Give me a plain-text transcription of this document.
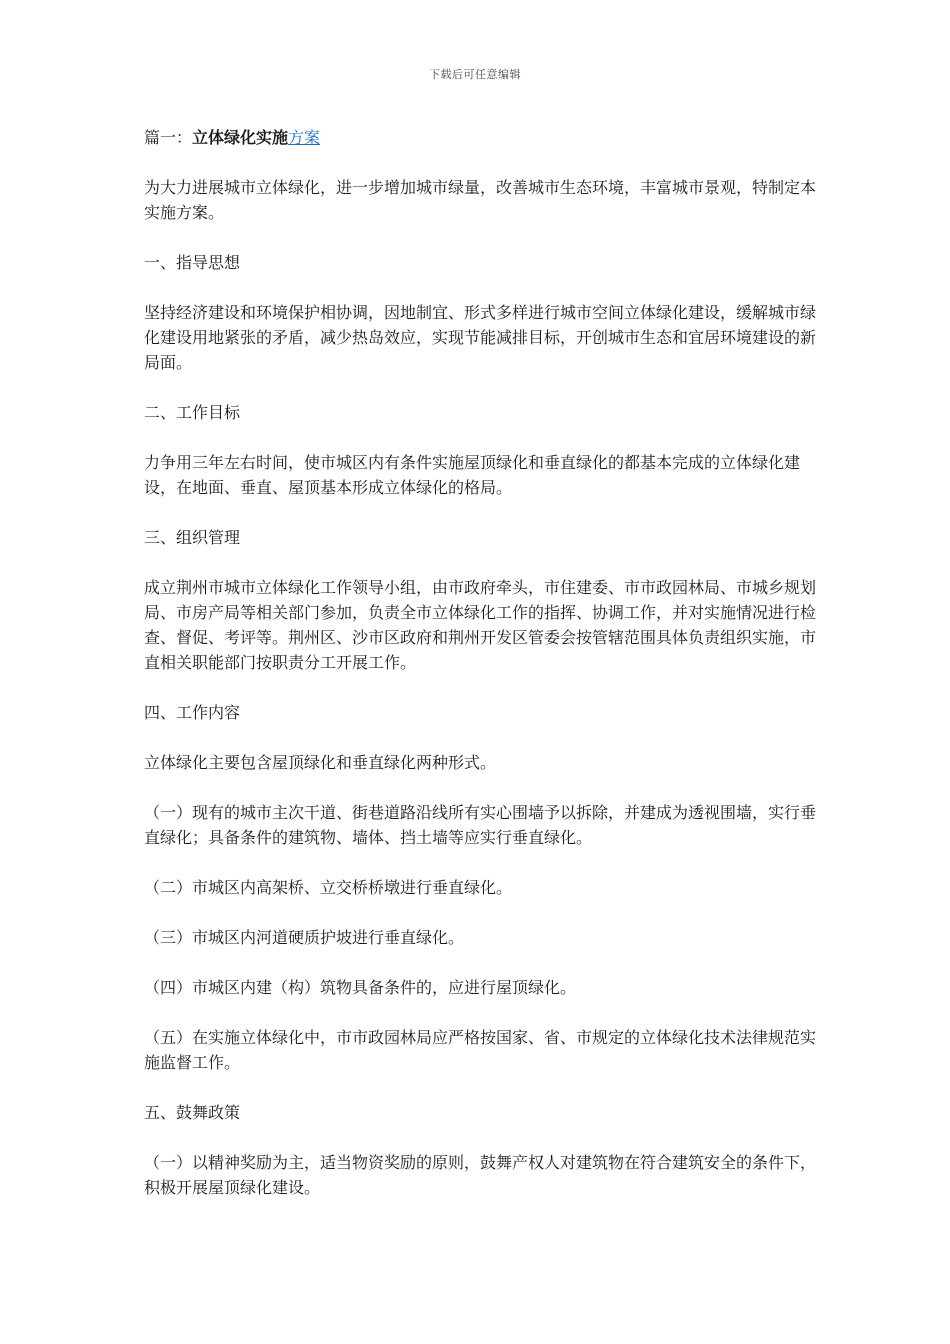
下载后可任意编辑

篇一：立体绿化实施方案

为大力进展城市立体绿化，进一步增加城市绿量，改善城市生态环境，丰富城市景观，特制定本实施方案。

一、指导思想

坚持经济建设和环境保护相协调，因地制宜、形式多样进行城市空间立体绿化建设，缓解城市绿化建设用地紧张的矛盾，减少热岛效应，实现节能减排目标，开创城市生态和宜居环境建设的新局面。

二、工作目标

力争用三年左右时间，使市城区内有条件实施屋顶绿化和垂直绿化的都基本完成的立体绿化建设，在地面、垂直、屋顶基本形成立体绿化的格局。

三、组织管理

成立荆州市城市立体绿化工作领导小组，由市政府牵头，市住建委、市市政园林局、市城乡规划局、市房产局等相关部门参加，负责全市立体绿化工作的指挥、协调工作，并对实施情况进行检查、督促、考评等。荆州区、沙市区政府和荆州开发区管委会按管辖范围具体负责组织实施，市直相关职能部门按职责分工开展工作。

四、工作内容

立体绿化主要包含屋顶绿化和垂直绿化两种形式。

（一）现有的城市主次干道、街巷道路沿线所有实心围墙予以拆除，并建成为透视围墙，实行垂直绿化；具备条件的建筑物、墙体、挡土墙等应实行垂直绿化。

（二）市城区内高架桥、立交桥桥墩进行垂直绿化。

（三）市城区内河道硬质护坡进行垂直绿化。

（四）市城区内建（构）筑物具备条件的，应进行屋顶绿化。

（五）在实施立体绿化中，市市政园林局应严格按国家、省、市规定的立体绿化技术法律规范实施监督工作。

五、鼓舞政策

（一）以精神奖励为主，适当物资奖励的原则，鼓舞产权人对建筑物在符合建筑安全的条件下，积极开展屋顶绿化建设。
